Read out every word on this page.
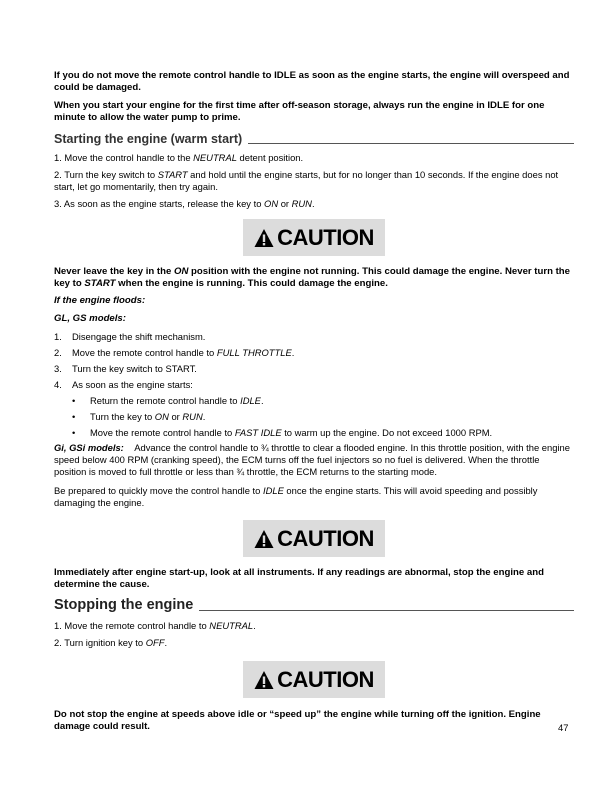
If you do not move the remote control handle to IDLE as soon as the engine starts, the engine will overspeed and could be damaged.

When you start your engine for the first time after off-season storage, always run the engine in IDLE for one minute to allow the water pump to prime.

Starting the engine (warm start)

1. Move the control handle to the NEUTRAL detent position.

2. Turn the key switch to START and hold until the engine starts, but for no longer than 10 seconds. If the engine does not start, let go momentarily, then try again.

3. As soon as the engine starts, release the key to ON or RUN.

CAUTION

Never leave the key in the ON position with the engine not running. This could damage the engine. Never turn the key to START when the engine is running. This could damage the engine.

If the engine floods:

GL, GS models:

1.	Disengage the shift mechanism.
2.	Move the remote control handle to FULL THROTTLE.
3.	Turn the key switch to START.
4.	As soon as the engine starts:
•	Return the remote control handle to IDLE.
•	Turn the key to ON or RUN.
•	Move the remote control handle to FAST IDLE to warm up the engine. Do not exceed 1000 RPM.

Gi, GSi models: Advance the control handle to ¾ throttle to clear a flooded engine. In this throttle position, with the engine speed below 400 RPM (cranking speed), the ECM turns off the fuel injectors so no fuel is delivered. When the throttle position is moved to full throttle or less than ¾ throttle, the ECM returns to the starting mode.

Be prepared to quickly move the control handle to IDLE once the engine starts. This will avoid speeding and possibly damaging the engine.

CAUTION

Immediately after engine start-up, look at all instruments. If any readings are abnormal, stop the engine and determine the cause.

Stopping the engine

1. Move the remote control handle to NEUTRAL.

2. Turn ignition key to OFF.

CAUTION

Do not stop the engine at speeds above idle or “speed up” the engine while turning off the ignition. Engine damage could result.	47
